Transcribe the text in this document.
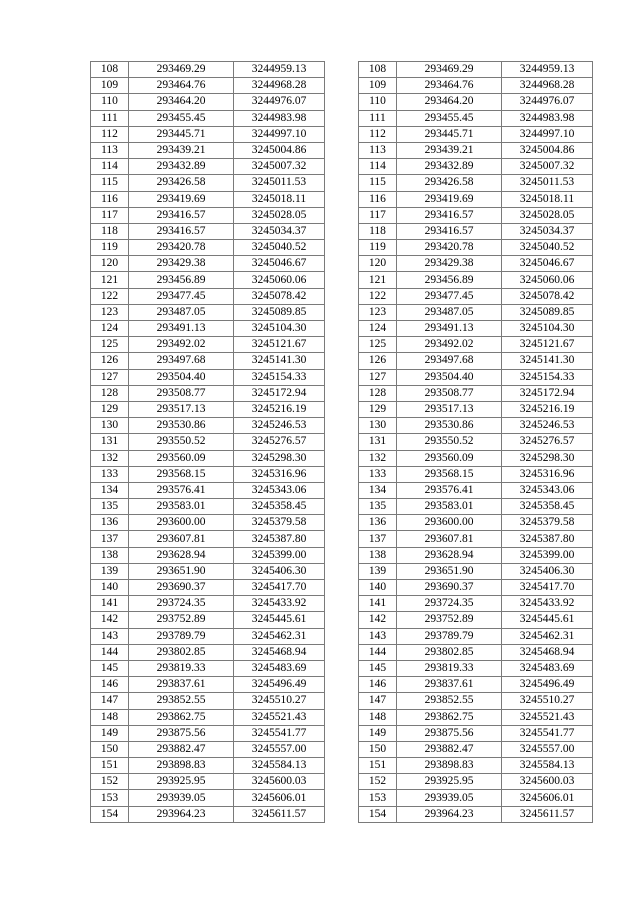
108	293469.29	3244959.13
109	293464.76	3244968.28
110	293464.20	3244976.07
111	293455.45	3244983.98
112	293445.71	3244997.10
113	293439.21	3245004.86
114	293432.89	3245007.32
115	293426.58	3245011.53
116	293419.69	3245018.11
117	293416.57	3245028.05
118	293416.57	3245034.37
119	293420.78	3245040.52
120	293429.38	3245046.67
121	293456.89	3245060.06
122	293477.45	3245078.42
123	293487.05	3245089.85
124	293491.13	3245104.30
125	293492.02	3245121.67
126	293497.68	3245141.30
127	293504.40	3245154.33
128	293508.77	3245172.94
129	293517.13	3245216.19
130	293530.86	3245246.53
131	293550.52	3245276.57
132	293560.09	3245298.30
133	293568.15	3245316.96
134	293576.41	3245343.06
135	293583.01	3245358.45
136	293600.00	3245379.58
137	293607.81	3245387.80
138	293628.94	3245399.00
139	293651.90	3245406.30
140	293690.37	3245417.70
141	293724.35	3245433.92
142	293752.89	3245445.61
143	293789.79	3245462.31
144	293802.85	3245468.94
145	293819.33	3245483.69
146	293837.61	3245496.49
147	293852.55	3245510.27
148	293862.75	3245521.43
149	293875.56	3245541.77
150	293882.47	3245557.00
151	293898.83	3245584.13
152	293925.95	3245600.03
153	293939.05	3245606.01
154	293964.23	3245611.57
108	293469.29	3244959.13
109	293464.76	3244968.28
110	293464.20	3244976.07
111	293455.45	3244983.98
112	293445.71	3244997.10
113	293439.21	3245004.86
114	293432.89	3245007.32
115	293426.58	3245011.53
116	293419.69	3245018.11
117	293416.57	3245028.05
118	293416.57	3245034.37
119	293420.78	3245040.52
120	293429.38	3245046.67
121	293456.89	3245060.06
122	293477.45	3245078.42
123	293487.05	3245089.85
124	293491.13	3245104.30
125	293492.02	3245121.67
126	293497.68	3245141.30
127	293504.40	3245154.33
128	293508.77	3245172.94
129	293517.13	3245216.19
130	293530.86	3245246.53
131	293550.52	3245276.57
132	293560.09	3245298.30
133	293568.15	3245316.96
134	293576.41	3245343.06
135	293583.01	3245358.45
136	293600.00	3245379.58
137	293607.81	3245387.80
138	293628.94	3245399.00
139	293651.90	3245406.30
140	293690.37	3245417.70
141	293724.35	3245433.92
142	293752.89	3245445.61
143	293789.79	3245462.31
144	293802.85	3245468.94
145	293819.33	3245483.69
146	293837.61	3245496.49
147	293852.55	3245510.27
148	293862.75	3245521.43
149	293875.56	3245541.77
150	293882.47	3245557.00
151	293898.83	3245584.13
152	293925.95	3245600.03
153	293939.05	3245606.01
154	293964.23	3245611.57
